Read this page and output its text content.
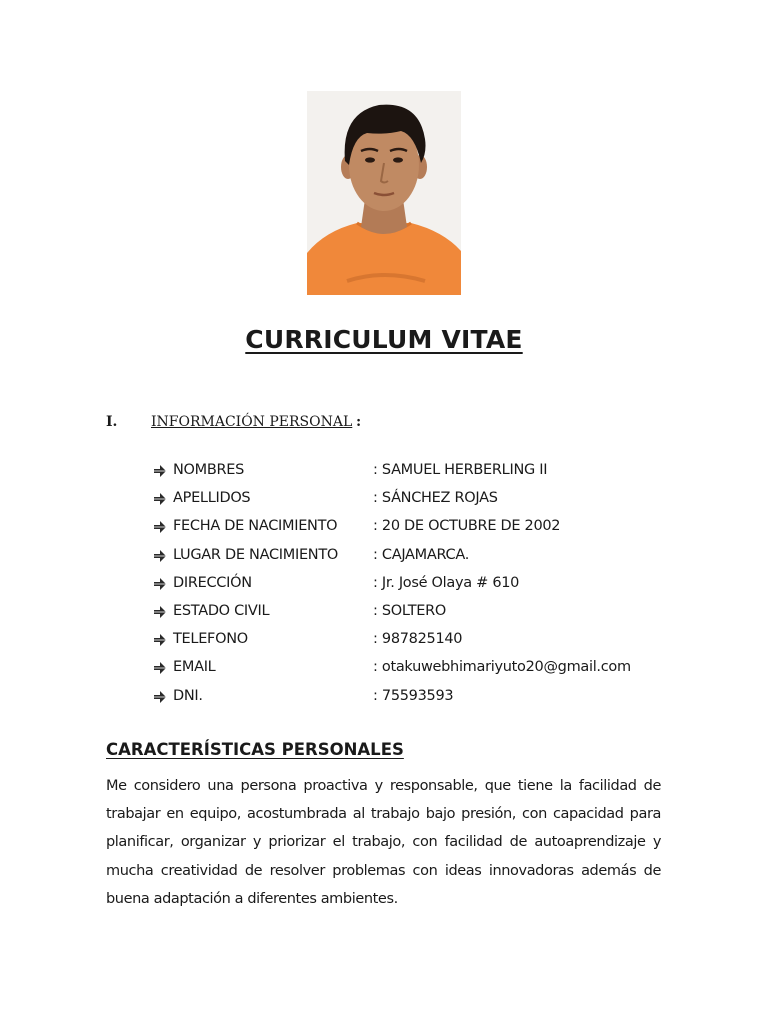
CURRICULUM VITAE
I. INFORMACIÓN PERSONAL :
NOMBRES	: SAMUEL HERBERLING II
APELLIDOS	: SÁNCHEZ ROJAS
FECHA DE NACIMIENTO : 20 DE OCTUBRE DE 2002
LUGAR DE NACIMIENTO : CAJAMARCA.
DIRECCIÓN	: Jr. José Olaya # 610
ESTADO CIVIL	: SOLTERO
TELEFONO	: 987825140
EMAIL	: otakuwebhimariyuto20@gmail.com
DNI.	: 75593593
CARACTERÍSTICAS PERSONALES
Me considero una persona proactiva y responsable, que tiene la facilidad de trabajar en equipo, acostumbrada al trabajo bajo presión, con capacidad para planificar, organizar y priorizar el trabajo, con facilidad de autoaprendizaje y mucha creatividad de resolver problemas con ideas innovadoras además de buena adaptación a diferentes ambientes.
